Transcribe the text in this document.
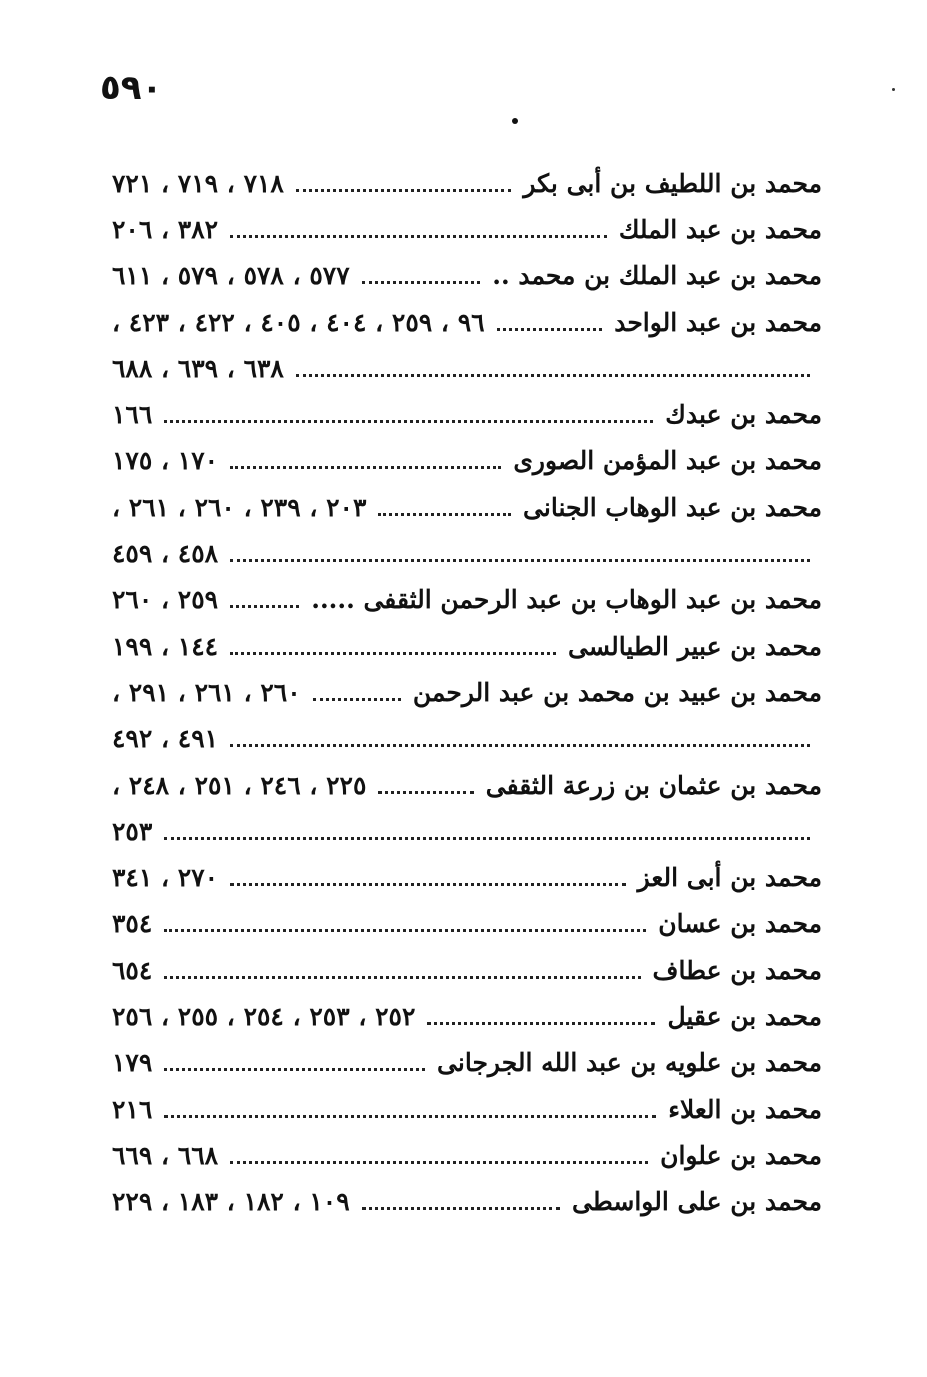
٥٩٠
محمد بن اللطيف بن أبى بكر
٧١٨ ، ٧١٩ ، ٧٢١
محمد بن عبد الملك
٣٨٢ ، ٢٠٦
محمد بن عبد الملك بن محمد ..
٥٧٧ ، ٥٧٨ ، ٥٧٩ ، ٦١١
محمد بن عبد الواحد
٩٦ ، ٢٥٩ ، ٤٠٤ ، ٤٠٥ ، ٤٢٢ ، ٤٢٣ ،
٦٣٨ ، ٦٣٩ ، ٦٨٨
محمد بن عبدك
١٦٦
محمد بن عبد المؤمن الصورى
١٧٠ ، ١٧٥
محمد بن عبد الوهاب الجنانى
٢٠٣ ، ٢٣٩ ، ٢٦٠ ، ٢٦١ ،
٤٥٨ ، ٤٥٩
محمد بن عبد الوهاب بن عبد الرحمن الثقفى .....
٢٥٩ ، ٢٦٠
محمد بن عبير الطيالسى
١٤٤ ، ١٩٩
محمد بن عبيد بن محمد بن عبد الرحمن
٢٦٠ ، ٢٦١ ، ٢٩١ ،
٤٩١ ، ٤٩٢
محمد بن عثمان بن زرعة الثقفى
٢٢٥ ، ٢٤٦ ، ٢٥١ ، ٢٤٨ ،
٢٥٣
محمد بن أبى العز
٢٧٠ ، ٣٤١
محمد بن عسان
٣٥٤
محمد بن عطاف
٦٥٤
محمد بن عقيل
٢٥٢ ، ٢٥٣ ، ٢٥٤ ، ٢٥٥ ، ٢٥٦
محمد بن علويه بن عبد الله الجرجانى
١٧٩
محمد بن العلاء
٢١٦
محمد بن علوان
٦٦٨ ، ٦٦٩
محمد بن على الواسطى
١٠٩ ، ١٨٢ ، ١٨٣ ، ٢٢٩
